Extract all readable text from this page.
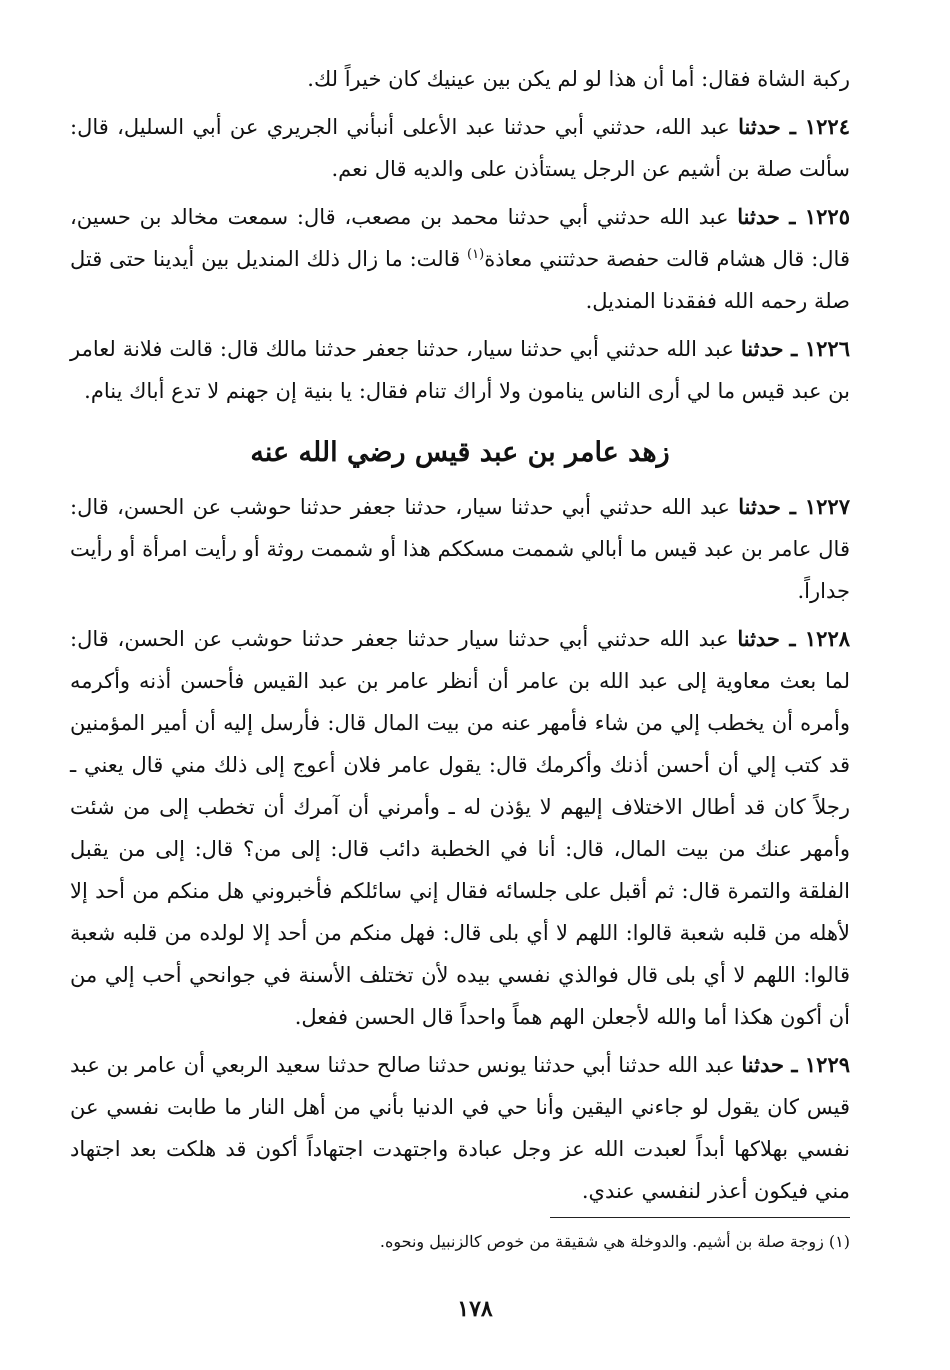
ركبة الشاة فقال: أما أن هذا لو لم يكن بين عينيك كان خيراً لك.

١٢٢٤ ـ حدثنا عبد الله، حدثني أبي حدثنا عبد الأعلى أنبأني الجريري عن أبي السليل، قال: سألت صلة بن أشيم عن الرجل يستأذن على والديه قال نعم.

١٢٢٥ ـ حدثنا عبد الله حدثني أبي حدثنا محمد بن مصعب، قال: سمعت مخالد بن حسين، قال: قال هشام قالت حفصة حدثتني معاذة$^{(١)}$ قالت: ما زال ذلك المنديل بين أيدينا حتى قتل صلة رحمه الله ففقدنا المنديل.

١٢٢٦ ـ حدثنا عبد الله حدثني أبي حدثنا سيار، حدثنا جعفر حدثنا مالك قال: قالت فلانة لعامر بن عبد قيس ما لي أرى الناس ينامون ولا أراك تنام فقال: يا بنية إن جهنم لا تدع أباك ينام.

زهد عامر بن عبد قيس رضي الله عنه

١٢٢٧ ـ حدثنا عبد الله حدثني أبي حدثنا سيار، حدثنا جعفر حدثنا حوشب عن الحسن، قال: قال عامر بن عبد قيس ما أبالي شممت مسككم هذا أو شممت روثة أو رأيت امرأة أو رأيت جداراً.

١٢٢٨ ـ حدثنا عبد الله حدثني أبي حدثنا سيار حدثنا جعفر حدثنا حوشب عن الحسن، قال: لما بعث معاوية إلى عبد الله بن عامر أن أنظر عامر بن عبد القيس فأحسن أذنه وأكرمه وأمره أن يخطب إلي من شاء فأمهر عنه من بيت المال قال: فأرسل إليه أن أمير المؤمنين قد كتب إلي أن أحسن أذنك وأكرمك قال: يقول عامر فلان أعوج إلى ذلك مني قال يعني ـ رجلاً كان قد أطال الاختلاف إليهم لا يؤذن له ـ وأمرني أن آمرك أن تخطب إلى من شئت وأمهر عنك من بيت المال، قال: أنا في الخطبة دائب قال: إلى من؟ قال: إلى من يقبل الفلقة والتمرة قال: ثم أقبل على جلسائه فقال إني سائلكم فأخبروني هل منكم من أحد إلا لأهله من قلبه شعبة قالوا: اللهم لا أي بلى قال: فهل منكم من أحد إلا لولده من قلبه شعبة قالوا: اللهم لا أي بلى قال فوالذي نفسي بيده لأن تختلف الأسنة في جوانحي أحب إلي من أن أكون هكذا أما والله لأجعلن الهم هماً واحداً قال الحسن ففعل.

١٢٢٩ ـ حدثنا عبد الله حدثنا أبي حدثنا يونس حدثنا صالح حدثنا سعيد الربعي أن عامر بن عبد قيس كان يقول لو جاءني اليقين وأنا حي في الدنيا بأني من أهل النار ما طابت نفسي عن نفسي بهلاكها أبداً لعبدت الله عز وجل عبادة واجتهدت اجتهاداً أكون قد هلكت بعد اجتهاد مني فيكون أعذر لنفسي عندي.

(١) زوجة صلة بن أشيم. والدوخلة هي شقيقة من خوص كالزنبيل ونحوه.
١٧٨
